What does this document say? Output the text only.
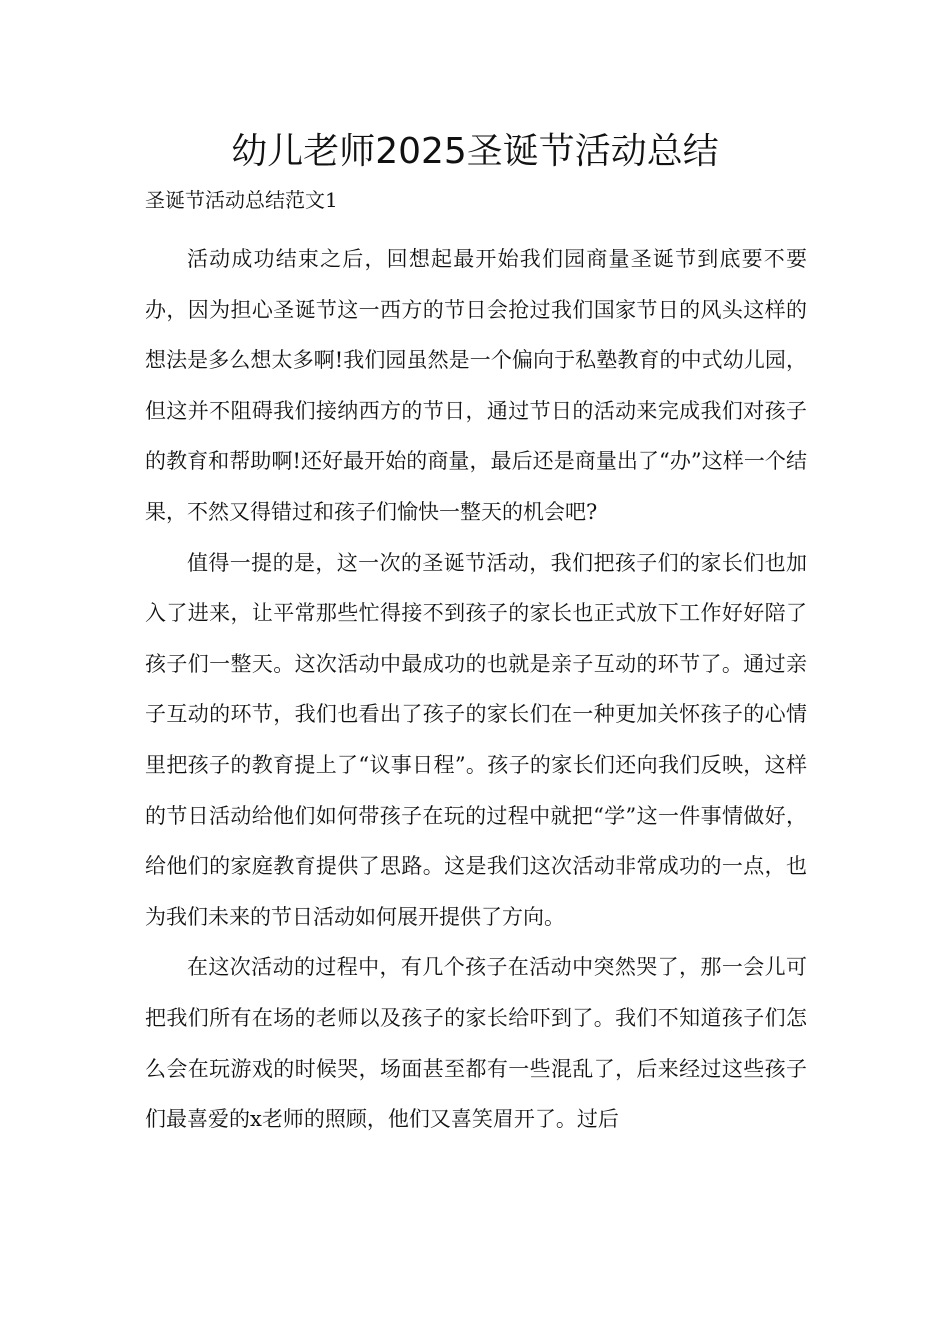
幼儿老师2025圣诞节活动总结

圣诞节活动总结范文1

活动成功结束之后，回想起最开始我们园商量圣诞节到底要不要办，因为担心圣诞节这一西方的节日会抢过我们国家节日的风头这样的想法是多么想太多啊!我们园虽然是一个偏向于私塾教育的中式幼儿园，但这并不阻碍我们接纳西方的节日，通过节日的活动来完成我们对孩子的教育和帮助啊!还好最开始的商量，最后还是商量出了“办”这样一个结果，不然又得错过和孩子们愉快一整天的机会吧?

值得一提的是，这一次的圣诞节活动，我们把孩子们的家长们也加入了进来，让平常那些忙得接不到孩子的家长也正式放下工作好好陪了孩子们一整天。这次活动中最成功的也就是亲子互动的环节了。通过亲子互动的环节，我们也看出了孩子的家长们在一种更加关怀孩子的心情里把孩子的教育提上了“议事日程”。孩子的家长们还向我们反映，这样的节日活动给他们如何带孩子在玩的过程中就把“学”这一件事情做好，给他们的家庭教育提供了思路。这是我们这次活动非常成功的一点，也为我们未来的节日活动如何展开提供了方向。

在这次活动的过程中，有几个孩子在活动中突然哭了，那一会儿可把我们所有在场的老师以及孩子的家长给吓到了。我们不知道孩子们怎么会在玩游戏的时候哭，场面甚至都有一些混乱了，后来经过这些孩子们最喜爱的x老师的照顾，他们又喜笑眉开了。过后
